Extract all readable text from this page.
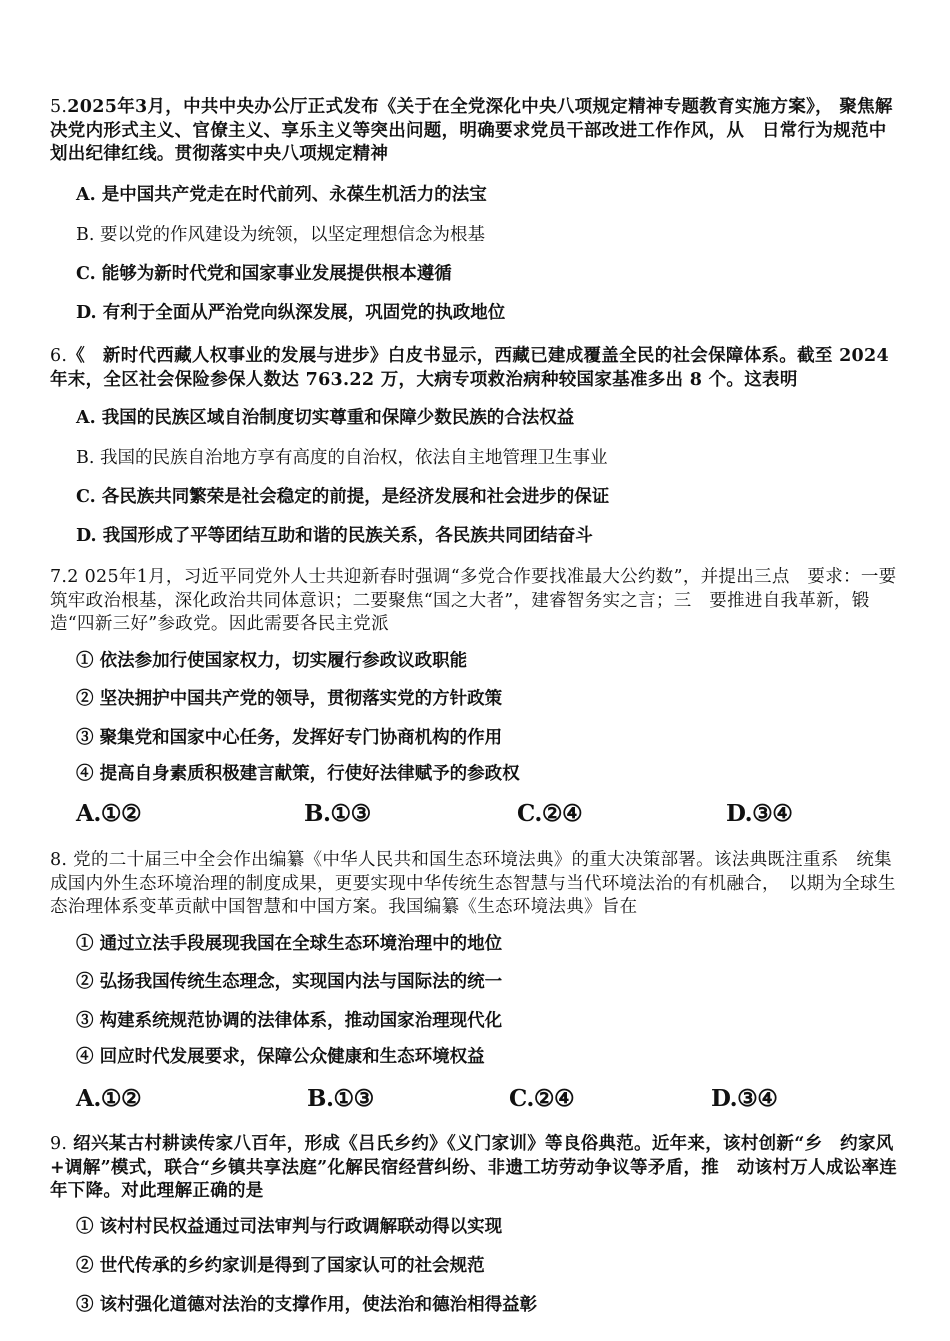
5.2025年3月，中共中央办公厅正式发布《关于在全党深化中央八项规定精神专题教育实施方案》， 聚焦解决党内形式主义、官僚主义、享乐主义等突出问题，明确要求党员干部改进工作作风，从　日常行为规范中划出纪律红线。贯彻落实中央八项规定精神
A. 是中国共产党走在时代前列、永葆生机活力的法宝
B. 要以党的作风建设为统领，以坚定理想信念为根基
C. 能够为新时代党和国家事业发展提供根本遵循
D. 有利于全面从严治党向纵深发展，巩固党的执政地位
6.《　新时代西藏人权事业的发展与进步》白皮书显示，西藏已建成覆盖全民的社会保障体系。截至 2024　年末，全区社会保险参保人数达 763.22 万，大病专项救治病种较国家基准多出 8 个。这表明
A. 我国的民族区域自治制度切实尊重和保障少数民族的合法权益
B. 我国的民族自治地方享有高度的自治权，依法自主地管理卫生事业
C. 各民族共同繁荣是社会稳定的前提，是经济发展和社会进步的保证
D. 我国形成了平等团结互助和谐的民族关系，各民族共同团结奋斗
7.2 025年1月，习近平同党外人士共迎新春时强调“多党合作要找准最大公约数”，并提出三点　要求：一要筑牢政治根基，深化政治共同体意识；二要聚焦“国之大者”，建睿智务实之言；三　要推进自我革新，锻造“四新三好”参政党。因此需要各民主党派
① 依法参加行使国家权力，切实履行参政议政职能
② 坚决拥护中国共产党的领导，贯彻落实党的方针政策
③ 聚集党和国家中心任务，发挥好专门协商机构的作用
④ 提高自身素质积极建言献策，行使好法律赋予的参政权
A.①②	B.①③	C.②④	D.③④
8. 党的二十届三中全会作出编纂《中华人民共和国生态环境法典》的重大决策部署。该法典既注重系　统集成国内外生态环境治理的制度成果，更要实现中华传统生态智慧与当代环境法治的有机融合，　以期为全球生态治理体系变革贡献中国智慧和中国方案。我国编纂《生态环境法典》旨在
① 通过立法手段展现我国在全球生态环境治理中的地位
② 弘扬我国传统生态理念，实现国内法与国际法的统一
③ 构建系统规范协调的法律体系，推动国家治理现代化
④ 回应时代发展要求，保障公众健康和生态环境权益
A.①②	B.①③	C.②④	D.③④
9. 绍兴某古村耕读传家八百年，形成《吕氏乡约》《义门家训》等良俗典范。近年来，该村创新“乡　约家风+调解”模式，联合“乡镇共享法庭”化解民宿经营纠纷、非遗工坊劳动争议等矛盾，推　动该村万人成讼率连年下降。对此理解正确的是
① 该村村民权益通过司法审判与行政调解联动得以实现
② 世代传承的乡约家训是得到了国家认可的社会规范
③ 该村强化道德对法治的支撑作用，使法治和德治相得益彰
